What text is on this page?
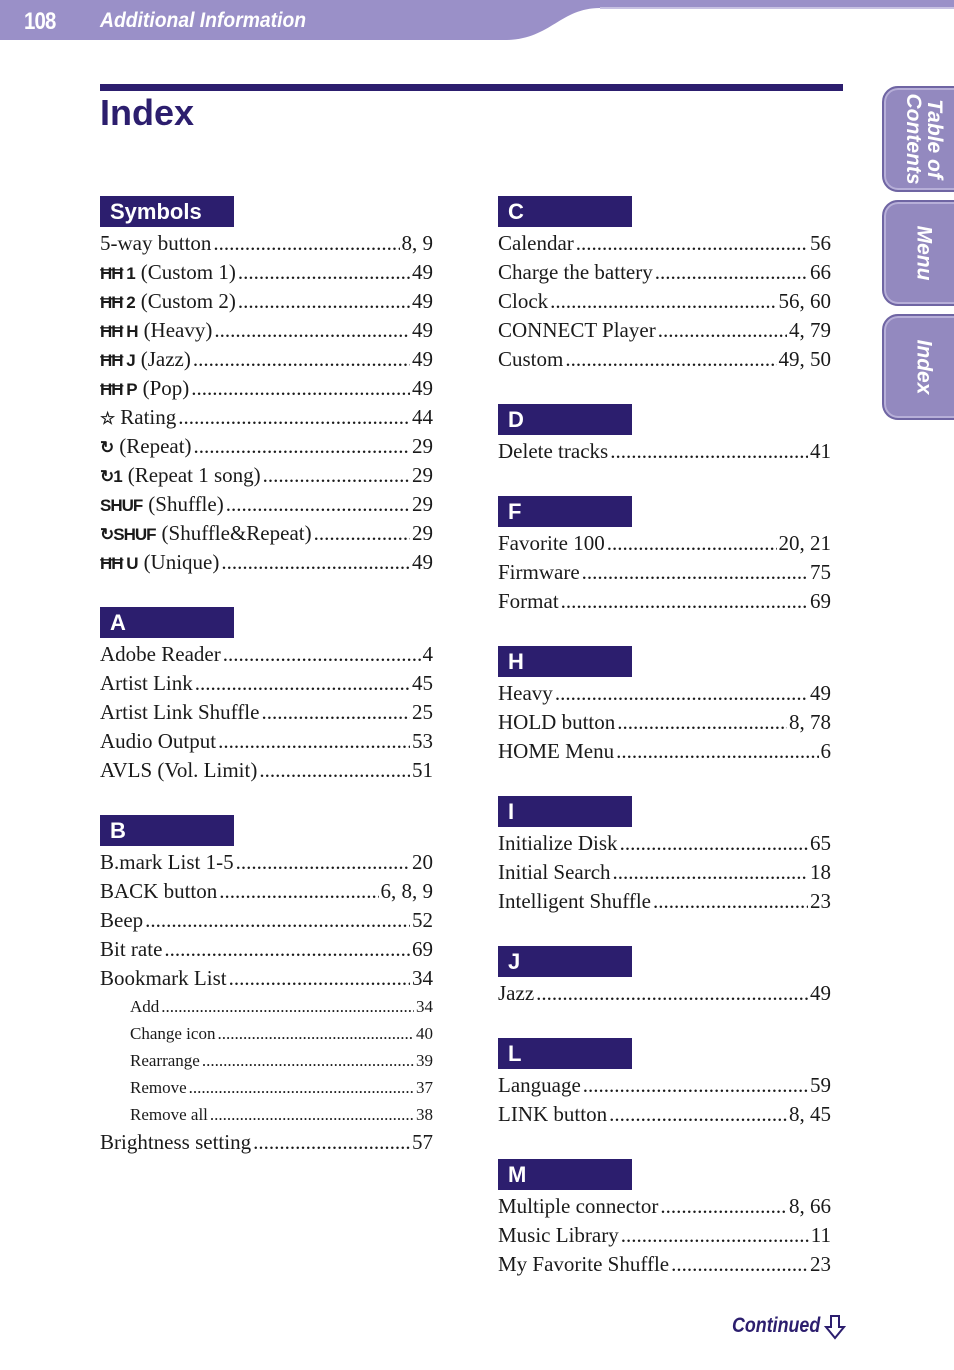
108 Additional Information
Index	Table of
Contents
Menu
Index
Symbols
5-way button .....	8, 9
ĦĦ 1 (Custom 1) .....	49
ĦĦ 2 (Custom 2) .....	49
ĦĦ H (Heavy) .....	49
ĦĦ J (Jazz) .....	49
ĦĦ P (Pop) .....	49
☆ Rating .....	44
↻ (Repeat) .....	29
↻1 (Repeat 1 song) .....	29
SHUF (Shuffle) .....	29
↻SHUF (Shuffle&Repeat) .....	29
ĦĦ U (Unique) .....	49
A
Adobe Reader .....	4
Artist Link .....	45
Artist Link Shuffle .....	25
Audio Output .....	53
AVLS (Vol. Limit) .....	51
B
B.mark List 1-5 .....	20
BACK button .....	6, 8, 9
Beep .....	52
Bit rate .....	69
Bookmark List .....	34
Add .....	34
Change icon .....	40
Rearrange .....	39
Remove .....	37
Remove all .....	38
Brightness setting .....	57
C
Calendar .....	56
Charge the battery .....	66
Clock .....	56, 60
CONNECT Player .....	4, 79
Custom .....	49, 50
D
Delete tracks .....	41
F
Favorite 100 .....	20, 21
Firmware .....	75
Format .....	69
H
Heavy .....	49
HOLD button .....	8, 78
HOME Menu .....	6
I
Initialize Disk .....	65
Initial Search .....	18
Intelligent Shuffle .....	23
J
Jazz .....	49
L
Language .....	59
LINK button .....	8, 45
M
Multiple connector .....	8, 66
Music Library .....	11
My Favorite Shuffle .....	23
Continued
